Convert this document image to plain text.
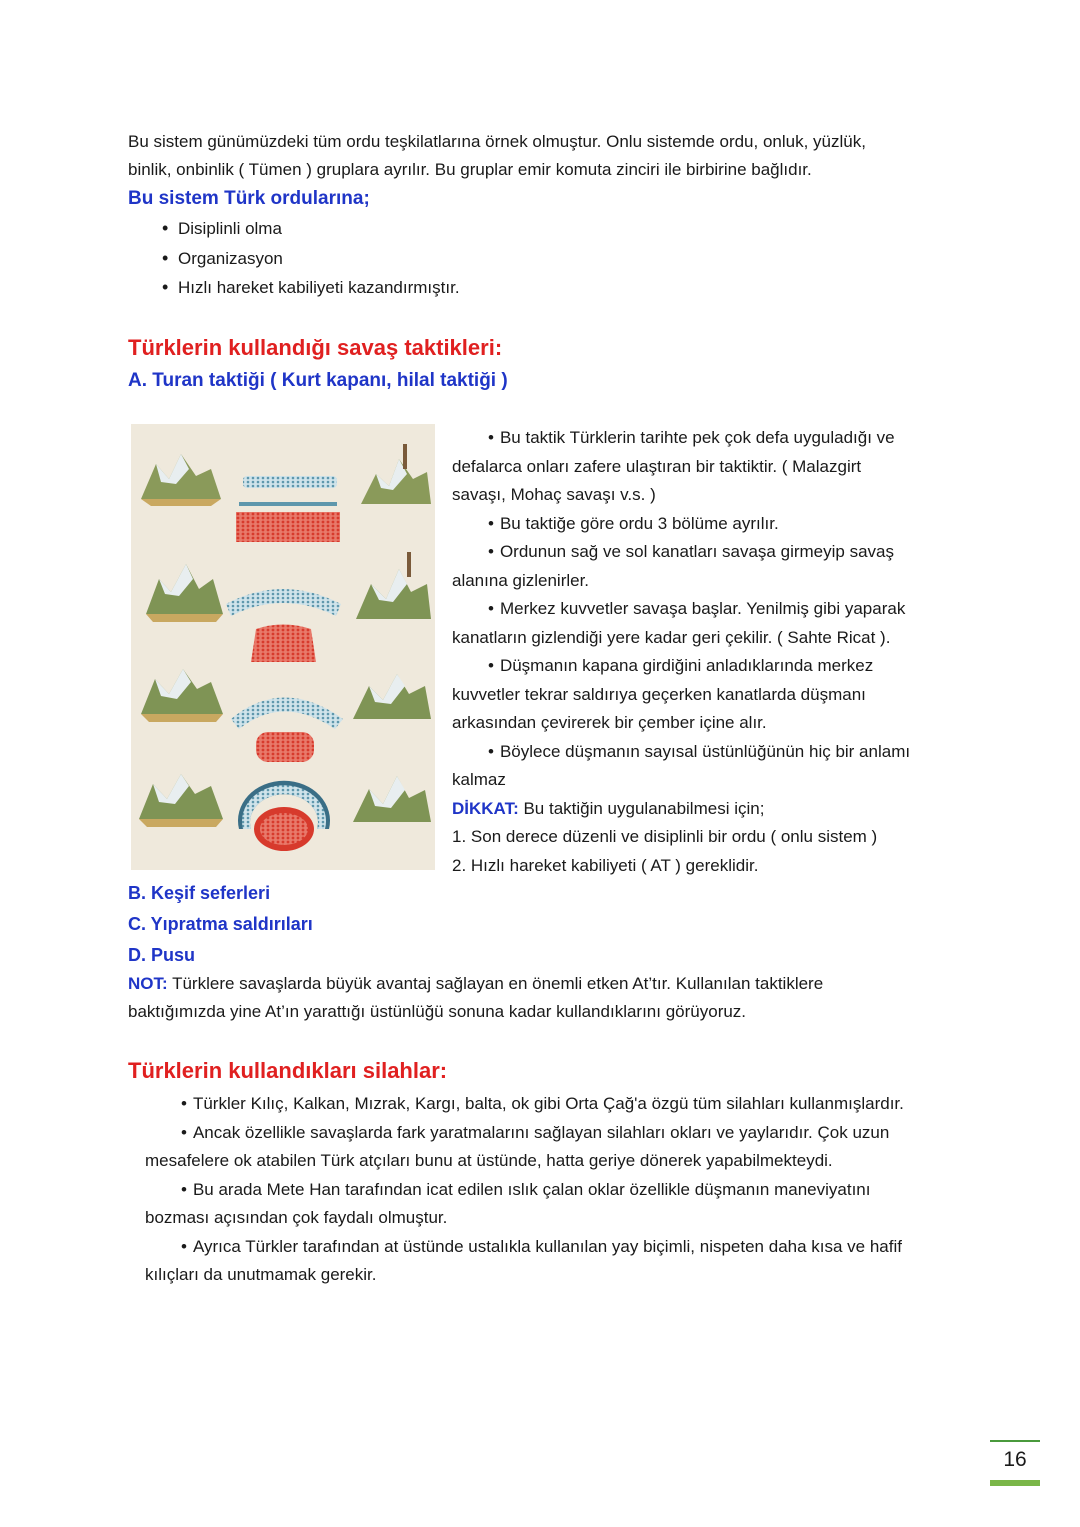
Bu sistem günümüzdeki tüm ordu teşkilatlarına örnek olmuştur. Onlu sistemde ordu, onluk, yüzlük,
binlik, onbinlik ( Tümen ) gruplara ayrılır. Bu gruplar emir komuta zinciri ile birbirine bağlıdır.

Bu sistem Türk ordularına;

• Disiplinli olma
• Organizasyon
• Hızlı hareket kabiliyeti kazandırmıştır.

Türklerin kullandığı savaş taktikleri:

A. Turan taktiği ( Kurt kapanı, hilal taktiği )

• Bu taktik Türklerin tarihte pek çok defa uyguladığı ve

defalarca onları zafere ulaştıran bir taktiktir. ( Malazgirt

savaşı, Mohaç savaşı v.s. )

• Bu taktiğe göre ordu 3 bölüme ayrılır.

• Ordunun sağ ve sol kanatları savaşa girmeyip savaş

alanına gizlenirler.

• Merkez kuvvetler savaşa başlar. Yenilmiş gibi yaparak

kanatların gizlendiği yere kadar geri çekilir. ( Sahte Ricat ).

• Düşmanın kapana girdiğini anladıklarında merkez

kuvvetler tekrar saldırıya geçerken kanatlarda düşmanı

arkasından çevirerek bir çember içine alır.

• Böylece düşmanın sayısal üstünlüğünün hiç bir anlamı

kalmaz

DİKKAT: Bu taktiğin uygulanabilmesi için;

1. Son derece düzenli ve disiplinli bir ordu ( onlu sistem )

2. Hızlı hareket kabiliyeti ( AT ) gereklidir.

B. Keşif seferleri

C. Yıpratma saldırıları

D. Pusu

NOT: Türklere savaşlarda büyük avantaj sağlayan en önemli etken At’tır. Kullanılan taktiklere
baktığımızda yine At’ın yarattığı üstünlüğü sonuna kadar kullandıklarını görüyoruz.

Türklerin kullandıkları silahlar:

• Türkler Kılıç, Kalkan, Mızrak, Kargı, balta, ok gibi Orta Çağ'a özgü tüm silahları kullanmışlardır.

• Ancak özellikle savaşlarda fark yaratmalarını sağlayan silahları okları ve yaylarıdır. Çok uzun

mesafelere ok atabilen Türk atçıları bunu at üstünde, hatta geriye dönerek yapabilmekteydi.

• Bu arada Mete Han tarafından icat edilen ıslık çalan oklar özellikle düşmanın maneviyatını

bozması açısından çok faydalı olmuştur.

• Ayrıca Türkler tarafından at üstünde ustalıkla kullanılan yay biçimli, nispeten daha kısa ve hafif

kılıçları da unutmamak gerekir.

16
